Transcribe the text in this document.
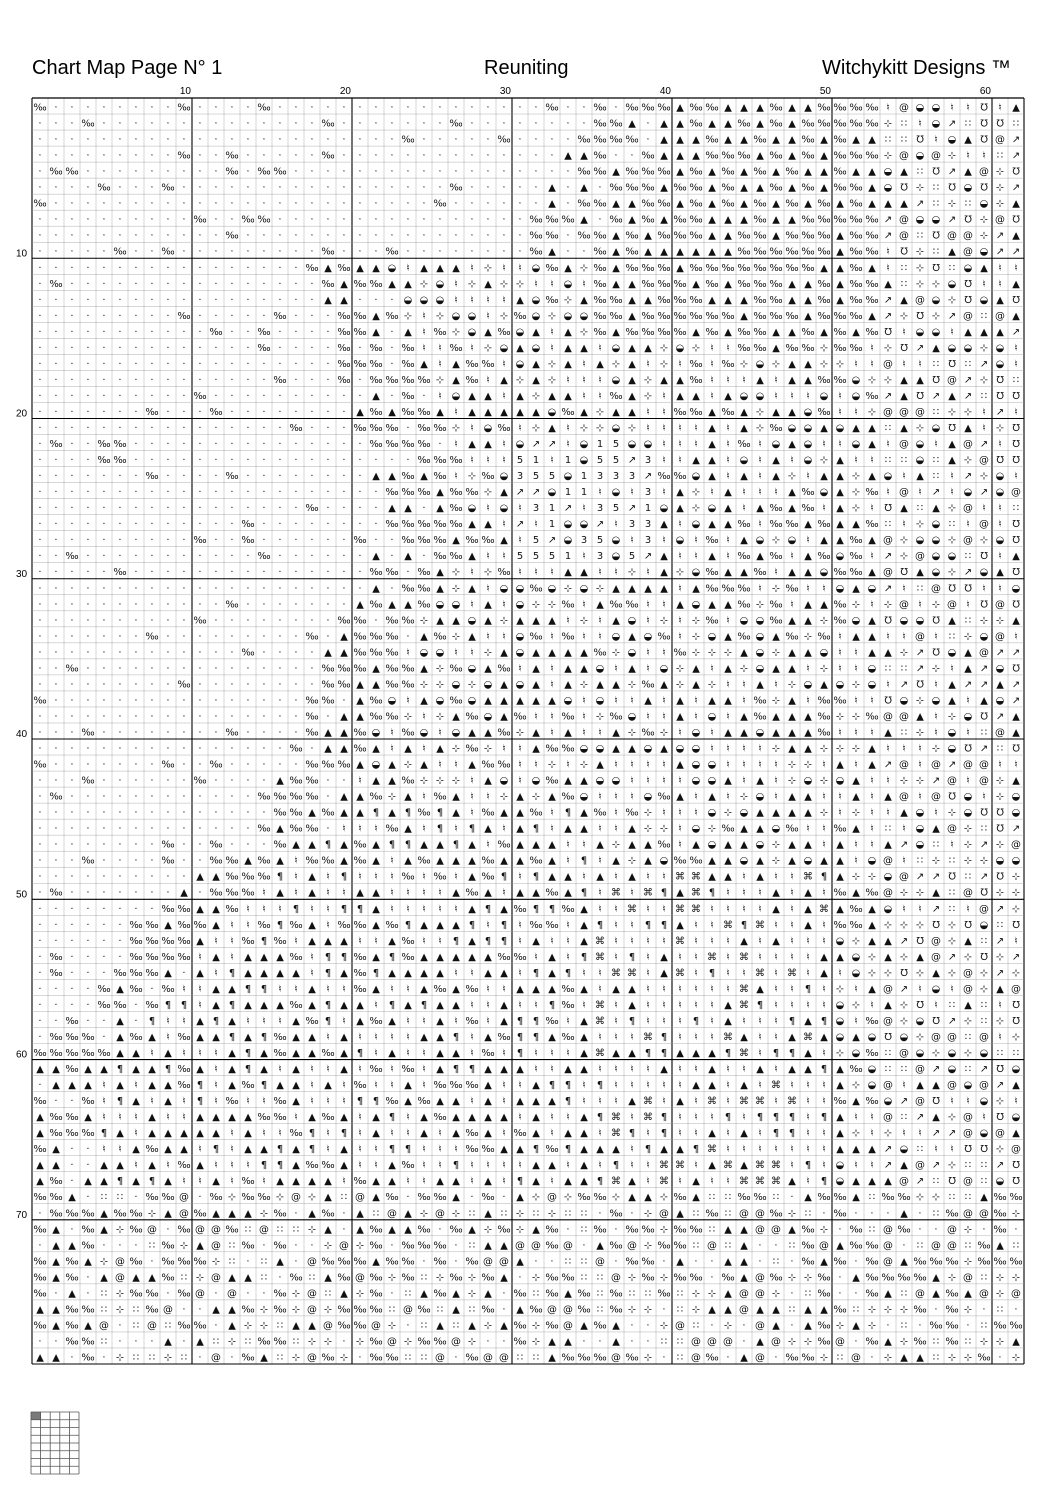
Chart Map Page N° 1	Reuniting	Witchykitt Designs ™
‰ · · · · · · · · ‰ · · · · ‰ · · · · · · · · · · · · · · · · · ‰ · · ‰ · ‰ ‰ ‰ ▲ ‰ ‰ ▲ ▲ ▲ ‰ ▲ ▲ ‰ ‰ ‰ ‰ ♮ @ ◒ ◒ ♮ ♮ ℧ ♮ ▲
· · · ‰ · · · · · · · · · · · · · · ‰ · · · · · · · ‰ · · · · · · · · ‰ ‰ ▲ · ▲ ▲ ‰ ▲ ▲ ‰ ▲ ‰ ▲ ‰ ‰ ‰ ‰ ‰ ⊹ ∷ ♮ ◒ ↗ ∷ ℧ ℧ ∷
· · · · · · · · · · · · · · · · · · · · · · · ‰ · · · · · ‰ · · · · ‰ ‰ ‰ ‰ · ▲ ▲ ▲ ‰ ▲ ▲ ‰ ▲ ▲ ‰ ▲ ‰ ▲ ▲ ∷ ∷ ℧ ♮ ◒ ▲ ℧ @ ↗
· · · · · · · · · ‰ · · ‰ · · · · · ‰ · · · · · · · · · · · · · · ▲ ▲ ‰ · · ‰ ▲ ▲ ▲ ‰ ‰ ‰ ▲ ‰ ▲ ‰ ▲ ‰ ‰ ‰ ⊹ @ ◒ @ ⊹ ♮ ♮ ∷ ↗
· ‰ ‰ · · · · · · · · · ‰ · ‰ ‰ · · · · · · · · · · · · · · · · · · ‰ ‰ ▲ ‰ ‰ ‰ ▲ ‰ ▲ ‰ ▲ ‰ ▲ ‰ ▲ ▲ ‰ ▲ ▲ ◒ ▲ ∷ ℧ ↗ ▲ @ ⊹ ℧
· · · · ‰ · · · ‰ · · · · · · · · · · · · · · · · · ‰ · · · · · ▲ · ▲ · ‰ ‰ ‰ ▲ ‰ ‰ ▲ ‰ ▲ ▲ ‰ ▲ ‰ ▲ ‰ ‰ ▲ ◒ ℧ ⊹ ∷ ℧ ◒ ℧ ⊹ ↗
‰ · · · · · · · · · · · · · · · · · · · · · · · · ‰ · · · · · · ▲ · ‰ ‰ ▲ ▲ ‰ ‰ ▲ ‰ ▲ ‰ ▲ ‰ ▲ ‰ ▲ ‰ ▲ ‰ ▲ ▲ ▲ ↗ ∷ ⊹ ∷ ◒ ⊹ ▲
· · · · · · · · · · ‰ · · ‰ ‰ · · · · · · · · · · · · · · · · ‰ ‰ ‰ ▲ · ‰ ▲ ‰ ▲ ‰ ‰ ▲ ▲ ▲ ‰ ▲ ▲ ‰ ‰ ‰ ‰ ‰ ↗ @ ◒ ◒ ↗ ℧ ⊹ @ ℧
· · · · · · · · · · · · ‰ · · · · · · · · · · · · · · · · · · ‰ ‰ · ‰ ‰ ▲ ‰ ▲ ‰ ‰ ‰ ▲ ▲ ‰ ‰ ▲ ‰ ‰ ‰ ▲ ‰ ‰ ↗ @ ∷ ℧ @ @ ⊹ ↗ ▲
· · · · · ‰ · · ‰ · · · · · · · · · ‰ · · · ‰ · · · · · · · · ‰ ▲ · · ‰ ▲ ‰ ▲ ▲ ▲ ▲ ▲ ▲ ‰ ‰ ‰ ‰ ‰ ‰ ▲ ‰ ‰ ♮ ℧ ⊹ ∷ ▲ @ ◒ ↗ ↗
· · · · · · · · · · · · · · · · · ‰ ▲ ‰ ▲ ▲ ◒ ♮ ▲ ▲ ▲ ♮ ⊹ ♮ ♮ ◒ ‰ ▲ ⊹ ‰ ▲ ‰ ‰ ‰ ▲ ‰ ‰ ‰ ‰ ‰ ‰ ‰ ‰ ▲ ▲ ‰ ▲ ♮ ∷ ⊹ ℧ ∷ ◒ ▲ ♮ ♮
· ‰ · · · · · · · · · · · · · · · · ‰ ▲ ‰ ‰ ▲ ▲ ⊹ ◒ ♮ ⊹ ▲ ⊹ ⊹ ♮ ♮ ◒ ♮ ‰ ▲ ▲ ‰ ‰ ‰ ▲ ‰ ▲ ‰ ‰ ‰ ▲ ▲ ‰ ▲ ‰ ‰ ▲ ∷ ⊹ ⊹ ◒ ℧ ♮ ♮ ▲
· · · · · · · · · · · · · · · · · · ▲ ▲ · · · ◒ ◒ ◒ ♮ ♮ ♮ ♮ ▲ ◒ ‰ ⊹ ▲ ‰ ‰ ▲ ▲ ‰ ‰ ‰ ▲ ▲ ▲ ‰ ‰ ▲ ▲ ‰ ▲ ‰ ‰ ↗ ▲ @ ◒ ⊹ ℧ ◒ ▲ ℧
· · · · · · · · · ‰ · · · · · ‰ · · · ‰ ‰ ▲ ‰ ⊹ ♮ ⊹ ◒ ◒ ♮ ⊹ ‰ ◒ ⊹ ◒ ◒ ‰ ‰ ▲ ‰ ‰ ‰ ‰ ‰ ‰ ▲ ‰ ‰ ‰ ▲ ‰ ‰ ‰ ▲ ↗ ⊹ ℧ ⊹ ↗ @ ∷ @ ▲
· · · · · · · · · · · ‰ · · ‰ · · · · ‰ ‰ ▲ · ▲ ♮ ‰ ⊹ ◒ ▲ ‰ ◒ ▲ ♮ ▲ ⊹ ‰ ▲ ‰ ‰ ‰ ‰ ▲ ‰ ▲ ‰ ‰ ▲ ▲ ‰ ▲ ‰ ▲ ‰ ℧ ♮ ◒ ◒ ♮ ▲ ▲ ▲ ↗
· · · · · · · · · · · · · · ‰ · · · · ‰ · ‰ · ‰ ♮ ♮ ‰ ♮ ⊹ ◒ ▲ ◒ ♮ ▲ ▲ ♮ ◒ ▲ ▲ ⊹ ◒ ⊹ ♮ ♮ ‰ ‰ ▲ ‰ ‰ ⊹ ‰ ‰ ♮ ⊹ ℧ ↗ ▲ ◒ ◒ ⊹ ◒ ♮
· · · · · · · · · · · · · · · · · · · ‰ ‰ ‰ · ‰ ▲ ♮ ▲ ‰ ‰ ♮ ◒ ▲ ⊹ ▲ ♮ ▲ ⊹ ▲ ♮ ⊹ ♮ ‰ ♮ ‰ ⊹ ◒ ⊹ ▲ ▲ ⊹ ⊹ ♮ ♮ @ ♮ ♮ ∷ ℧ ∷ ↗ ◒ ♮
· · · · · · · · · · · · · · · ‰ · · · ‰ · ‰ ‰ ‰ ‰ ⊹ ▲ ‰ ♮ ▲ ⊹ ▲ ⊹ ♮ ♮ ♮ ◒ ▲ ⊹ ▲ ▲ ‰ ♮ ♮ ♮ ▲ ♮ ▲ ▲ ‰ ‰ ◒ ⊹ ⊹ ▲ ▲ ℧ @ ↗ ⊹ ℧ ∷
· · · · · · · · · · ‰ · · · · · · · · · · ▲ · ‰ · ♮ ◒ ▲ ▲ ♮ ▲ ⊹ ▲ ▲ ♮ ♮ ‰ ▲ ⊹ ♮ ▲ ▲ ♮ ▲ ◒ ◒ ♮ ♮ ♮ ◒ ♮ ◒ ‰ ↗ ▲ ℧ ↗ ▲ ↗ ∷ ℧ ℧
· · · · · · · ‰ · · · ‰ · · · · · · · · ▲ ‰ ▲ ‰ ‰ ▲ ♮ ▲ ▲ ▲ ▲ ▲ ◒ ‰ ▲ ⊹ ▲ ▲ ♮ ♮ ‰ ‰ ▲ ‰ ▲ ⊹ ▲ ▲ ◒ ‰ ♮ ♮ ⊹ @ @ @ ∷ ⊹ ⊹ ♮ ↗ ♮
· · · · · · · · · · · · · · · · ‰ · · · ‰ ‰ ‰ · ‰ ‰ ⊹ ♮ ◒ ‰ ♮ ⊹ ▲ ♮ ⊹ ⊹ ◒ ⊹ ♮ ♮ ♮ ♮ ▲ ♮ ▲ ⊹ ‰ ◒ ◒ ▲ ◒ ▲ ▲ ∷ ▲ ⊹ ◒ ℧ ▲ ♮ ⊹ ℧
· ‰ · · ‰ ‰ · · · · · · · · · · · · · · · ‰ ‰ ‰ ‰ · ♮ ▲ ▲ ♮ ◒ ↗ ↗ ♮ ◒ 1 5 ◒ ◒ ♮ ♮ ♮ ▲ ♮ ‰ ♮ ◒ ▲ ◒ ♮ ♮ ◒ ▲ ♮ @ ◒ ♮ ▲ @ ↗ ♮ ℧
· · · · ‰ ‰ · · · · · · · · · · · · · · · · · · ‰ ‰ ‰ ♮ ♮ ♮ 5 1 ♮ 1 ◒ 5 5 ↗ 3 ♮ ♮ ▲ ▲ ♮ ◒ ♮ ▲ ♮ ◒ ⊹ ▲ ♮ ♮ ∷ ∷ ◒ ∷ ▲ ⊹ @ ℧ ℧
· · · · · · · ‰ · · · · ‰ · · · · · · · · ▲ ▲ ‰ ▲ ‰ ♮ ⊹ ‰ ◒ 3 5 5 ◒ 1 3 3 3 ↗ ‰ ‰ ◒ ▲ ♮ ▲ ♮ ▲ ⊹ ♮ ▲ ▲ ⊹ ▲ ◒ ♮ ▲ ∷ ♮ ↗ ⊹ ◒ ♮
· · · · · · · · · · · · · · · · · · · · · · ‰ ‰ ‰ ▲ ‰ ‰ ⊹ ▲ ↗ ↗ ◒ 1 1 ♮ ◒ ♮ 3 ♮ ▲ ⊹ ♮ ▲ ♮ ♮ ♮ ▲ ‰ ◒ ▲ ⊹ ‰ ♮ @ ♮ ↗ ♮ ◒ ↗ ◒ @
· · · · · · · · · · · · · · · · · ‰ · · · · ▲ ▲ · ▲ ‰ ◒ ♮ ◒ ♮ 3 1 ↗ ♮ 3 5 ↗ 1 ◒ ▲ ⊹ ◒ ▲ ♮ ▲ ‰ ▲ ‰ ♮ ▲ ⊹ ♮ ℧ ▲ ∷ ▲ ⊹ @ ♮ ♮ ∷
· · · · · · · · · · · · · ‰ · · · · · · · · ‰ ‰ ‰ ‰ ‰ ▲ ▲ ♮ ↗ ♮ 1 ◒ ◒ ↗ ♮ 3 3 ▲ ♮ ◒ ▲ ▲ ‰ ♮ ‰ ‰ ▲ ‰ ▲ ▲ ‰ ∷ ♮ ⊹ ◒ ∷ ♮ @ ♮ ℧
· · · · · · · · · · ‰ · · ‰ · · · · · · ‰ · · ‰ ‰ ‰ ▲ ‰ ‰ ▲ ♮ 5 ↗ ◒ 3 5 ◒ ♮ 3 ♮ ◒ ♮ ‰ ♮ ▲ ◒ ⊹ ◒ ♮ ▲ ▲ ‰ ▲ @ ⊹ ◒ ◒ ⊹ @ ⊹ ◒ ℧
· · ‰ · · · · · · · · · · · ‰ · · · · · · ▲ · ▲ · ‰ ‰ ▲ ♮ ♮ 5 5 5 1 ♮ 3 ◒ 5 ↗ ▲ ♮ ♮ ▲ ♮ ‰ ▲ ‰ ♮ ▲ ‰ ◒ ‰ ♮ ↗ ⊹ @ ◒ ◒ ∷ ℧ ♮ ▲
· · · · · ‰ · · · · · · · · · · · · · · · ‰ ‰ · ‰ ▲ ⊹ ♮ ⊹ ‰ ♮ ♮ ♮ ▲ ▲ ♮ ♮ ⊹ ♮ ▲ ⊹ ◒ ‰ ▲ ▲ ‰ ♮ ▲ ▲ ◒ ‰ ‰ ▲ @ ℧ ▲ ◒ ⊹ ↗ ◒ ▲ ℧
· · · · · · · · · · · · · · · · · · · · · ▲ · ‰ ‰ ▲ ⊹ ▲ ♮ ◒ ◒ ‰ ◒ ⊹ ◒ ⊹ ▲ ▲ ▲ ▲ ♮ ▲ ‰ ‰ ‰ ♮ ⊹ ‰ ♮ ♮ ◒ ▲ ◒ ↗ ♮ ∷ @ ℧ ℧ ♮ ♮ ◒
· · · · · · · · · · · · ‰ · · · · · · · ▲ ‰ ▲ ▲ ‰ ◒ ◒ ♮ ▲ ♮ ◒ ⊹ ⊹ ‰ ♮ ▲ ‰ ‰ ♮ ♮ ▲ ◒ ▲ ▲ ‰ ⊹ ‰ ♮ ▲ ▲ ‰ ⊹ ♮ ⊹ @ ♮ ⊹ @ ♮ ℧ @ ℧
· · · · · · · · · · ‰ · · · · · · · · ‰ ‰ · ‰ ‰ ⊹ ▲ ▲ ◒ ▲ ⊹ ▲ ▲ ▲ ♮ ⊹ ♮ ▲ ◒ ♮ ⊹ ♮ ⊹ ‰ ♮ ◒ ◒ ‰ ▲ ▲ ⊹ ‰ ◒ ▲ ℧ ◒ ◒ ℧ ▲ ∷ ⊹ ⊹ ▲
· · · · · · · ‰ · · · · · · · · · ‰ · ▲ ‰ ‰ ‰ · ▲ ‰ ⊹ ▲ ♮ ♮ ◒ ‰ ♮ ‰ ♮ ♮ ◒ ▲ ◒ ‰ ♮ ⊹ ◒ ▲ ‰ ◒ ▲ ‰ ⊹ ‰ ♮ ▲ ▲ ♮ ♮ @ ♮ ∷ ⊹ ◒ @ ♮
· · · · · · · · · · · · · ‰ · · · · ▲ ▲ ‰ ‰ ‰ ♮ ◒ ◒ ♮ ♮ ⊹ ▲ ◒ ▲ ▲ ▲ ▲ ‰ ⊹ ◒ ♮ ♮ ‰ ⊹ ⊹ ⊹ ▲ ◒ ⊹ ▲ ▲ ◒ ♮ ♮ ▲ ▲ ⊹ ↗ ℧ ◒ ▲ @ ↗ ↗
· · ‰ · · · · · · · · · · · · · · · ‰ ‰ ‰ ▲ ‰ ‰ ▲ ⊹ ‰ ◒ ▲ ‰ ♮ ▲ ♮ ▲ ▲ ◒ ♮ ▲ ♮ ◒ ⊹ ▲ ♮ ▲ ⊹ ◒ ▲ ▲ ♮ ⊹ ♮ ♮ ◒ ∷ ∷ ↗ ⊹ ♮ ▲ ↗ ◒ ℧
· · · · · · · · · ‰ · · · · · · · · ‰ ‰ ▲ ▲ ‰ ‰ ⊹ ⊹ ◒ ⊹ ◒ ▲ ◒ ▲ ♮ ▲ ⊹ ▲ ▲ ⊹ ‰ ▲ ⊹ ▲ ⊹ ♮ ♮ ▲ ♮ ⊹ ◒ ▲ ◒ ⊹ ◒ ♮ ↗ ℧ ♮ ▲ ↗ ↗ ▲ ↗
‰ · · · · · · · · · · · · · · · · ‰ ‰ · ▲ ‰ ◒ ♮ ▲ ◒ ‰ ◒ ▲ ▲ ▲ ▲ ▲ ◒ ♮ ◒ ♮ ♮ ▲ ♮ ▲ ♮ ▲ ▲ ♮ ‰ ⊹ ▲ ♮ ‰ ‰ ♮ ♮ ℧ ◒ ⊹ ◒ ▲ ♮ ▲ ◒ ↗
· · · · · · · · · · · · · · · · · ‰ · ▲ ▲ ‰ ‰ ⊹ ♮ ⊹ ▲ ‰ ◒ ▲ ‰ ♮ ♮ ‰ ♮ ⊹ ‰ ◒ ♮ ♮ ▲ ♮ ◒ ♮ ▲ ‰ ▲ ▲ ▲ ‰ ⊹ ⊹ ‰ @ @ ▲ ♮ ⊹ ◒ ℧ ↗ ▲
· · · ‰ · · · · · · · · ‰ · · · · ‰ ▲ ▲ ‰ ◒ ♮ ‰ ◒ ♮ ◒ ▲ ▲ ‰ ⊹ ▲ ♮ ▲ ♮ ♮ ▲ ⊹ ‰ ⊹ ♮ ◒ ♮ ▲ ▲ ◒ ▲ ▲ ▲ ‰ ♮ ♮ ♮ ▲ ∷ ⊹ ♮ ◒ ♮ ∷ @ ▲
· · · · · · · · · · · · · · · · ‰ · ▲ ▲ ‰ ▲ ♮ ▲ ♮ ▲ ⊹ ‰ ⊹ ♮ ♮ ▲ ‰ ‰ ◒ ◒ ▲ ▲ ◒ ▲ ◒ ◒ ♮ ♮ ♮ ♮ ⊹ ▲ ▲ ⊹ ⊹ ⊹ ▲ ♮ ♮ ♮ ⊹ ◒ ℧ ↗ ∷ ℧
‰ · · · · · · · ‰ · · ‰ · · · · · ‰ ‰ ‰ ▲ ◒ ▲ ⊹ ▲ ♮ ♮ ▲ ‰ ‰ ♮ ♮ ⊹ ♮ ⊹ ▲ ♮ ♮ ♮ ♮ ▲ ◒ ◒ ♮ ♮ ♮ ♮ ⊹ ⊹ ♮ ▲ ♮ ▲ ↗ @ ♮ @ ↗ @ @ ♮ ♮
· · · ‰ · · · · · · ‰ · · · · ▲ ‰ ‰ · · ♮ ▲ ▲ ‰ ⊹ ⊹ ⊹ ♮ ▲ ◒ ♮ ◒ ‰ ▲ ▲ ◒ ◒ ♮ ♮ ♮ ♮ ◒ ◒ ▲ ♮ ▲ ♮ ⊹ ◒ ⊹ ◒ ▲ ♮ ♮ ⊹ ⊹ ↗ @ ♮ @ ⊹ ▲
· ‰ · · · · · · · · · · · · ‰ ‰ ‰ ‰ · ▲ ▲ ‰ ⊹ ▲ ♮ ‰ ▲ ♮ ♮ ⊹ ▲ ⊹ ▲ ‰ ◒ ♮ ♮ ♮ ◒ ‰ ▲ ♮ ▲ ♮ ⊹ ◒ ♮ ▲ ▲ ♮ ♮ ▲ ♮ ▲ @ ♮ @ ℧ ◒ ♮ ⊹ ◒
· · · · · · · · · · · · · · · ‰ ‰ ▲ ‰ ▲ ▲ ¶ ▲ ¶ ‰ ¶ ▲ ♮ ‰ ▲ ▲ ‰ ♮ ¶ ▲ ‰ ♮ ‰ ⊹ ♮ ♮ ♮ ◒ ⊹ ◒ ▲ ▲ ▲ ▲ ⊹ ♮ ⊹ ♮ ♮ ▲ ◒ ♮ ⊹ ◒ ℧ ℧ ◒
· · · · · · · · · · · · · · ‰ ▲ ‰ ‰ · ♮ ♮ ♮ ‰ ▲ ♮ ¶ ♮ ¶ ▲ ♮ ▲ ¶ ♮ ▲ ▲ ♮ ♮ ▲ ⊹ ⊹ ♮ ◒ ⊹ ‰ ▲ ▲ ◒ ‰ ♮ ♮ ‰ ▲ ♮ ∷ ♮ ◒ ▲ @ ⊹ ∷ ℧ ↗
· · · · · · · · ‰ · · ‰ · · · ‰ ▲ ▲ ¶ ▲ ‰ ▲ ¶ ¶ ▲ ▲ ¶ ▲ ♮ ‰ ▲ ▲ ▲ ♮ ♮ ▲ ⊹ ▲ ▲ ‰ ♮ ▲ ◒ ▲ ▲ ◒ ⊹ ▲ ▲ ♮ ▲ ♮ ♮ ▲ ↗ ◒ ∷ ♮ ⊹ ↗ ⊹ @
· · · ‰ · · · · ‰ · · ‰ ‰ ▲ ‰ ▲ ♮ ‰ ‰ ▲ ‰ ▲ ♮ ▲ ‰ ▲ ▲ ▲ ‰ ▲ ▲ ‰ ▲ ♮ ¶ ♮ ▲ ⊹ ▲ ◒ ‰ ‰ ▲ ▲ ◒ ▲ ⊹ ▲ ◒ ▲ ▲ ♮ ◒ @ ♮ ∷ ⊹ ∷ ⊹ ⊹ ◒ ◒
· · · · · · · · · · ▲ ▲ ‰ ‰ ‰ ¶ ♮ ▲ ♮ ¶ ♮ ♮ ♮ ‰ ♮ ‰ ♮ ▲ ‰ ¶ ♮ ¶ ▲ ▲ ♮ ▲ ♮ ▲ ♮ ♮ ⌘ ⌘ ▲ ▲ ♮ ▲ ♮ ♮ ⌘ ¶ ▲ ⊹ ⊹ ◒ @ ↗ ↗ ℧ ∷ ↗ ℧ ⊹
· ‰ · · · · · · · ▲ · ‰ ‰ ‰ ♮ ▲ ♮ ▲ ♮ ♮ ▲ ▲ ♮ ♮ ♮ ♮ ▲ ‰ ▲ ♮ ▲ ▲ ‰ ▲ ¶ ♮ ⌘ ♮ ⌘ ¶ ▲ ⌘ ¶ ♮ ♮ ♮ ▲ ♮ ▲ ♮ ‰ ▲ ‰ @ ⊹ ⊹ ▲ ∷ @ ℧ ⊹ ⊹
· · · · · · · · ‰ ‰ ▲ ▲ ‰ ♮ ♮ ♮ ¶ ♮ ♮ ¶ ¶ ▲ ♮ ♮ ♮ ♮ ♮ ▲ ¶ ▲ ‰ ¶ ¶ ‰ ▲ ♮ ♮ ⌘ ♮ ♮ ⌘ ⌘ ♮ ♮ ♮ ♮ ▲ ♮ ▲ ⌘ ▲ ‰ ▲ ◒ ♮ ♮ ↗ ∷ ♮ @ ↗ ⊹
· · · · · · ‰ ‰ ▲ ‰ ‰ ▲ ♮ ♮ ‰ ¶ ‰ ▲ ♮ ‰ ‰ ▲ ‰ ¶ ▲ ▲ ▲ ¶ ♮ ¶ ♮ ‰ ‰ ♮ ▲ ¶ ♮ ♮ ¶ ¶ ▲ ♮ ♮ ⌘ ¶ ⌘ ♮ ♮ ▲ ♮ ‰ ‰ ▲ ⊹ ⊹ ⊹ ℧ ⊹ ℧ ◒ ∷ ℧
· · · · · · ‰ ‰ ‰ ‰ ▲ ♮ ♮ ‰ ¶ ‰ ♮ ▲ ▲ ▲ ♮ ♮ ▲ ‰ ♮ ♮ ¶ ▲ ¶ ¶ ♮ ▲ ♮ ♮ ▲ ⌘ ♮ ♮ ♮ ♮ ⌘ ♮ ♮ ♮ ▲ ♮ ▲ ♮ ♮ ♮ ◒ ⊹ ▲ ▲ ↗ ℧ @ ⊹ ▲ ∷ ↗ ♮
· ‰ · · · · ‰ ‰ ‰ ‰ ♮ ▲ ♮ ▲ ▲ ▲ ‰ ♮ ¶ ¶ ‰ ▲ ¶ ‰ ▲ ▲ ▲ ▲ ▲ ‰ ‰ ♮ ▲ ♮ ¶ ⌘ ♮ ¶ ♮ ▲ ♮ ♮ ⌘ ♮ ⌘ ♮ ♮ ♮ ♮ ▲ ▲ ◒ ⊹ ▲ ⊹ ▲ @ ↗ ⊹ ℧ ⊹ ↗
· ‰ · · · ‰ ‰ ‰ ▲ · ▲ ♮ ¶ ▲ ▲ ▲ ▲ ♮ ¶ ▲ ‰ ¶ ▲ ▲ ▲ ▲ ♮ ♮ ▲ ▲ ♮ ¶ ▲ ¶ ♮ ♮ ⌘ ⌘ ♮ ▲ ⌘ ♮ ¶ ♮ ♮ ⌘ ♮ ⌘ ♮ ▲ ♮ ◒ ⊹ ⊹ ℧ ⊹ ▲ ⊹ @ ⊹ ↗ ⊹
· · · · ‰ ▲ ‰ · ‰ ♮ ♮ ▲ ▲ ¶ ¶ ♮ ♮ ▲ ♮ ♮ ‰ ▲ ♮ ♮ ▲ ‰ ▲ ‰ ♮ ♮ ▲ ▲ ▲ ‰ ▲ ♮ ▲ ▲ ♮ ♮ ♮ ♮ ♮ ♮ ⌘ ▲ ♮ ♮ ¶ ♮ ⊹ ♮ ▲ @ ↗ ♮ ◒ ♮ @ ⊹ ▲ @
· · · · ‰ ‰ · ‰ ¶ ¶ ♮ ▲ ¶ ▲ ▲ ▲ ‰ ▲ ¶ ▲ ▲ ♮ ¶ ▲ ¶ ▲ ▲ ♮ ♮ ▲ ♮ ♮ ¶ ‰ ♮ ⌘ ♮ ▲ ♮ ♮ ♮ ♮ ♮ ▲ ⌘ ¶ ♮ ♮ ♮ ♮ ◒ ⊹ ♮ ▲ ⊹ ℧ ♮ ∷ ▲ ∷ ♮ ℧
· · ‰ · · ▲ · ¶ ♮ ♮ ▲ ¶ ▲ ♮ ♮ ♮ ▲ ‰ ¶ ♮ ▲ ‰ ▲ ♮ ♮ ▲ ♮ ‰ ♮ ▲ ¶ ¶ ‰ ♮ ▲ ⌘ ♮ ¶ ♮ ♮ ♮ ¶ ♮ ▲ ♮ ♮ ♮ ¶ ▲ ¶ ◒ ♮ ‰ @ ⊹ ◒ ℧ ↗ ⊹ ∷ ⊹ ℧
· ‰ ‰ ‰ · ▲ ‰ ▲ ♮ ‰ ▲ ▲ ¶ ▲ ¶ ‰ ▲ ▲ ♮ ▲ ♮ ♮ ♮ ♮ ▲ ▲ ¶ ♮ ▲ ‰ ¶ ¶ ▲ ‰ ▲ ♮ ♮ ♮ ⌘ ¶ ♮ ♮ ♮ ⌘ ▲ ♮ ♮ ▲ ⌘ ▲ ◒ ▲ ◒ ℧ ◒ ⊹ @ @ ∷ @ ♮ ⊹
‰ ‰ ‰ ‰ ‰ ▲ ▲ ♮ ▲ ♮ ♮ ♮ ▲ ¶ ▲ ‰ ▲ ▲ ‰ ▲ ¶ ♮ ▲ ♮ ♮ ▲ ▲ ♮ ‰ ♮ ¶ ♮ ♮ ♮ ▲ ⌘ ▲ ▲ ¶ ¶ ▲ ▲ ▲ ¶ ⌘ ♮ ¶ ¶ ▲ ♮ ⊹ ◒ ‰ ∷ @ ◒ ⊹ ◒ ⊹ ◒ ∷ ∷
▲ ▲ ‰ ▲ ▲ ¶ ▲ ▲ ¶ ‰ ▲ ♮ ▲ ¶ ▲ ♮ ▲ ♮ ♮ ▲ ♮ ‰ ♮ ‰ ♮ ▲ ¶ ¶ ▲ ▲ ▲ ♮ ♮ ▲ ▲ ♮ ♮ ♮ ♮ ▲ ♮ ♮ ▲ ♮ ♮ ▲ ♮ ▲ ▲ ¶ ▲ ‰ ◒ ∷ ∷ @ ↗ ◒ ∷ ↗ ℧ ◒
· ▲ ▲ ▲ ♮ ▲ ♮ ▲ ▲ ‰ ¶ ♮ ▲ ‰ ¶ ▲ ▲ ♮ ▲ ♮ ‰ ♮ ♮ ▲ ♮ ‰ ‰ ‰ ▲ ♮ ♮ ▲ ¶ ¶ ♮ ¶ ♮ ♮ ♮ ♮ ♮ ▲ ▲ ♮ ▲ ♮ ⌘ ♮ ♮ ♮ ▲ ⊹ ◒ @ ♮ ▲ ▲ @ ◒ @ ↗ ▲
‰ · · ‰ ♮ ¶ ▲ ♮ ▲ ♮ ¶ ♮ ‰ ♮ ♮ ‰ ▲ ♮ ♮ ♮ ¶ ¶ ‰ ▲ ‰ ▲ ▲ ♮ ▲ ♮ ▲ ▲ ▲ ¶ ♮ ♮ ♮ ▲ ⌘ ♮ ▲ ♮ ⌘ ♮ ⌘ ⌘ ♮ ⌘ ♮ ♮ ‰ ▲ ‰ ◒ ↗ @ ℧ ♮ ♮ ◒ ⊹ ♮
▲ ‰ ‰ ▲ ♮ ♮ ♮ ▲ ♮ ♮ ▲ ▲ ▲ ▲ ‰ ‰ ♮ ▲ ‰ ▲ ♮ ▲ ¶ ♮ ▲ ‰ ▲ ▲ ▲ ▲ ♮ ▲ ♮ ♮ ▲ ¶ ⌘ ♮ ⌘ ¶ ♮ ♮ ♮ ¶ ♮ ¶ ¶ ¶ ♮ ¶ ▲ ♮ ♮ @ ∷ ↗ ▲ ⊹ @ ♮ ℧ ◒
▲ ‰ ‰ ‰ ¶ ▲ ♮ ▲ ▲ ▲ ▲ ▲ ♮ ▲ ♮ ♮ ‰ ¶ ♮ ¶ ♮ ▲ ♮ ♮ ▲ ♮ ▲ ‰ ▲ ♮ ‰ ▲ ♮ ▲ ▲ ♮ ⌘ ¶ ♮ ¶ ♮ ♮ ▲ ♮ ▲ ♮ ¶ ¶ ♮ ♮ ▲ ⊹ ♮ ⊹ ♮ ♮ ↗ ↗ @ ◒ @ ▲
‰ ▲ · · ♮ ♮ ▲ ‰ ▲ ▲ ♮ ¶ ♮ ▲ ▲ ¶ ▲ ¶ ♮ ▲ ♮ ♮ ¶ ¶ ♮ ♮ ♮ ‰ ‰ ▲ ▲ ¶ ‰ ¶ ▲ ▲ ▲ ♮ ¶ ▲ ▲ ¶ ⌘ ♮ ♮ ♮ ♮ ♮ ♮ ♮ ▲ ▲ ▲ ↗ ◒ ∷ ♮ ♮ ℧ ℧ ⊹ @
▲ ▲ · · ▲ ▲ ♮ ▲ ♮ ‰ ▲ ♮ ♮ ♮ ¶ ¶ ▲ ‰ ‰ ▲ ♮ ♮ ▲ ‰ ♮ ♮ ¶ ♮ ♮ ♮ ♮ ▲ ▲ ♮ ▲ ♮ ¶ ♮ ♮ ⌘ ⌘ ♮ ▲ ⌘ ▲ ⌘ ⌘ ♮ ¶ ♮ ◒ ♮ ♮ ↗ ▲ @ ↗ ⊹ ∷ ∷ ↗ ℧
▲ ‰ · ▲ ▲ ¶ ▲ ¶ ▲ ♮ ♮ ▲ ♮ ‰ ♮ ▲ ▲ ▲ ▲ ♮ ‰ ▲ ▲ ♮ ♮ ▲ ▲ ♮ ▲ ♮ ¶ ▲ ♮ ▲ ▲ ¶ ⌘ ▲ ♮ ⌘ ♮ ▲ ♮ ♮ ⌘ ⌘ ⌘ ▲ ♮ ¶ ◒ ▲ ▲ ▲ @ ↗ ∷ ℧ @ ∷ ◒ ℧
‰ ‰ ▲ · ∷ ∷ · ‰ ‰ @ · ‰ ⊹ ‰ ‰ ⊹ @ ⊹ ▲ ∷ @ ▲ ‰ · ‰ ‰ ▲ · ‰ · ▲ ⊹ @ ⊹ ‰ ‰ ⊹ ▲ ▲ ⊹ ‰ ▲ ∷ ∷ ‰ ‰ ∷ · ▲ ‰ ‰ ▲ ∷ ‰ ‰ ⊹ ⊹ ∷ ∷ ▲ ‰ ‰
· ‰ ‰ ‰ ▲ ‰ ‰ ⊹ ▲ @ ‰ ▲ ▲ ▲ ⊹ ‰ · ▲ ‰ · ▲ ∷ @ ▲ ⊹ @ ⊹ ∷ ▲ ∷ ⊹ ∷ ⊹ ∷ ∷ · ‰ · ⊹ @ ▲ ∷ ‰ ∷ @ @ ‰ ⊹ ∷ · ‰ · · · ▲ · ∷ ‰ @ @ ‰ ⊹
‰ ▲ · ‰ ▲ ⊹ ‰ @ · ‰ @ @ ‰ ∷ @ ∷ ∷ ⊹ ▲ · ▲ ‰ ▲ ▲ ‰ · ‰ ▲ ⊹ ‰ ⊹ ▲ ‰ · ∷ ‰ · ‰ ‰ ⊹ ‰ ‰ ∷ ▲ ▲ @ @ ▲ ‰ ⊹ · ‰ ∷ @ ‰ · · @ ⊹ · ‰ ·
· ▲ ▲ ‰ · · · ∷ ‰ ⊹ ▲ @ ∷ ‰ · ‰ · · ⊹ @ ⊹ ‰ · ‰ ‰ ‰ · ∷ ▲ ▲ @ @ ‰ @ · ▲ ‰ @ ⊹ ‰ ‰ ∷ @ ∷ ▲ · · ∷ ‰ @ ▲ ‰ ‰ @ · ∷ @ @ ∷ ‰ ▲ ∷
‰ ▲ ‰ ▲ ⊹ @ ‰ · ‰ ‰ ‰ ⊹ ∷ · ∷ ▲ · @ ‰ ‰ ‰ ▲ ‰ ‰ · ‰ · ‰ @ @ ▲ · · ∷ ∷ @ · ‰ ‰ · ▲ · · ▲ ▲ · ∷ · ‰ ▲ ‰ · ‰ @ ▲ ‰ ‰ ‰ ⊹ ‰ ‰ ‰
‰ ▲ ‰ · ▲ @ ▲ ▲ ‰ ∷ ⊹ @ ▲ ▲ ∷ · ‰ ∷ ▲ ‰ @ ‰ ⊹ ‰ ∷ ⊹ ‰ ⊹ ‰ ▲ · ⊹ ‰ ‰ ∷ ∷ @ ⊹ ‰ ⊹ ‰ ‰ · ‰ ▲ @ ‰ ⊹ ⊹ ‰ · ▲ ‰ ‰ ‰ ‰ ▲ ⊹ @ ∷ ⊹ ⊹
‰ · ▲ · ∷ ⊹ ‰ ‰ · ‰ @ · @ · · ‰ ⊹ @ ∷ ▲ ⊹ ‰ · ∷ ▲ ‰ ▲ ⊹ ▲ · ‰ ∷ ‰ ▲ ‰ ∷ ‰ ∷ ∷ ‰ ∷ ⊹ ⊹ ▲ @ @ ⊹ · ∷ ‰ · · ‰ ▲ ∷ @ ▲ ‰ ▲ @ ⊹ @
▲ ▲ ‰ ‰ ∷ ⊹ ∷ ‰ @ · · ▲ ▲ ‰ ⊹ ‰ ⊹ @ ⊹ ‰ ‰ ‰ ∷ @ ‰ ∷ ▲ ∷ ‰ · ▲ ‰ @ @ ‰ ∷ ‰ ⊹ ⊹ · ∷ ⊹ ▲ ▲ @ ▲ ▲ ∷ ▲ ▲ ‰ ∷ ⊹ ⊹ ⊹ ‰ · ‰ ⊹ · ∷ ·
‰ ▲ ‰ ▲ @ · ∷ @ ∷ ‰ ‰ · ▲ ⊹ ⊹ ∷ ▲ ▲ @ ‰ ‰ @ ⊹ · ∷ ▲ ∷ ▲ ⊹ ▲ ‰ ⊹ ‰ @ ▲ ‰ ▲ · · ⊹ @ ∷ · ⊹ · @ ▲ · ▲ ‰ ⊹ ▲ ⊹ · ∷ · ‰ ‰ · ∷ ‰ ‰
· · ‰ ‰ ∷ · · · ▲ · ▲ ∷ ⊹ ∷ ‰ ‰ ∷ ⊹ ⊹ · ⊹ ‰ @ ⊹ ‰ ‰ @ ⊹ · · ‰ ⊹ ▲ ▲ · · ▲ · · ∷ ∷ @ @ @ · ▲ @ ⊹ ⊹ ‰ @ · ‰ ▲ ⊹ ‰ ∷ ‰ ∷ ⊹ ⊹ ▲
▲ ▲ · ‰ · ⊹ ∷ ∷ ⊹ ∷ · @ · ‰ ▲ ∷ ⊹ @ ‰ ⊹ · ‰ ‰ ∷ ∷ @ · ‰ @ @ ∷ ∷ ▲ ‰ ‰ ‰ @ ‰ ⊹ · ∷ @ ‰ · ▲ @ · ‰ ‰ ⊹ ∷ @ · ⊹ ▲ ▲ ∷ ⊹ ⊹ ‰ · ⊹
10	20	30	40	50	60
10
20
30
40
50
60
70
